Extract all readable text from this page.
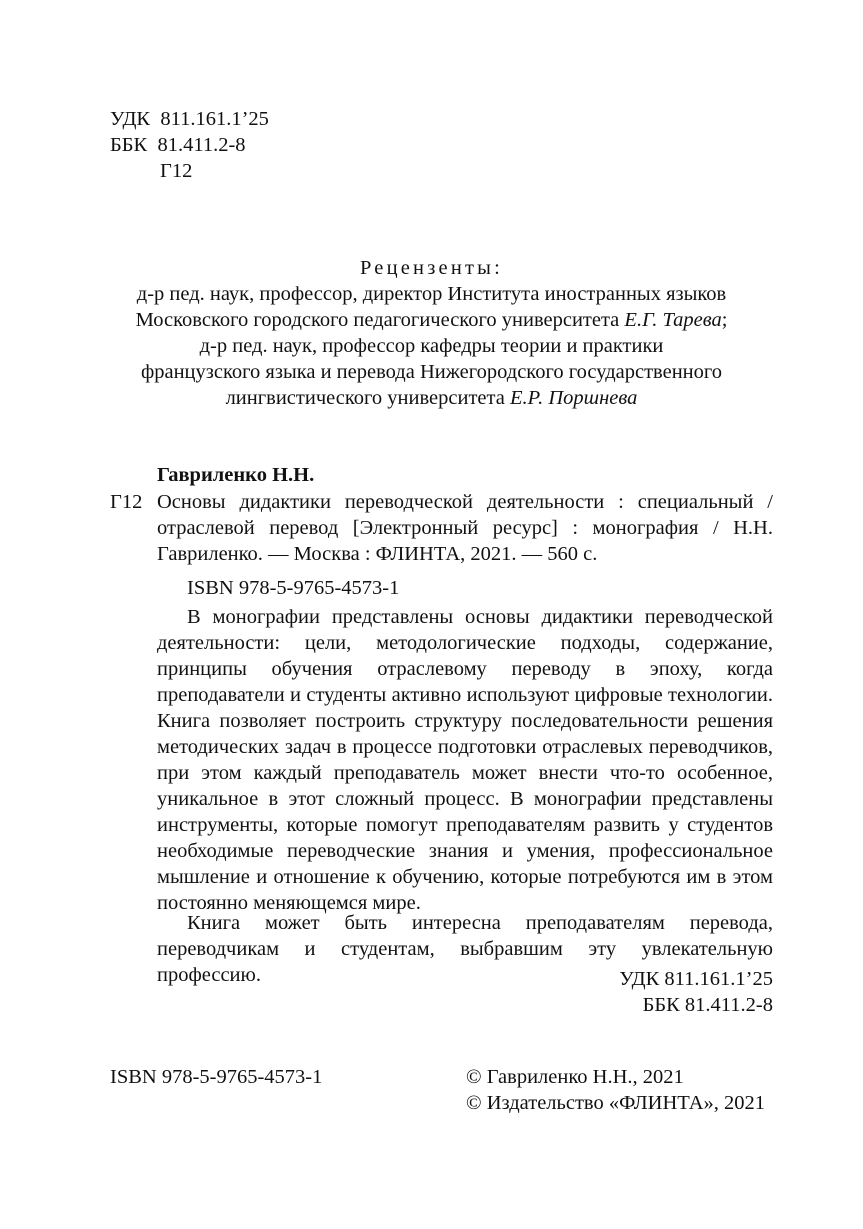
УДК 811.161.1’25
ББК 81.411.2-8
Г12
Рецензенты:
д-р пед. наук, профессор, директор Института иностранных языков
Московского городского педагогического университета Е.Г. Тарева;
д-р пед. наук, профессор кафедры теории и практики
французского языка и перевода Нижегородского государственного
лингвистического университета Е.Р. Поршнева
Гавриленко Н.Н.
Г12 Основы дидактики переводческой деятельности : специальный / отраслевой перевод [Электронный ресурс] : монография / Н.Н. Гавриленко. — Москва : ФЛИНТА, 2021. — 560 с.
ISBN 978-5-9765-4573-1
В монографии представлены основы дидактики переводческой деятельности: цели, методологические подходы, содержание, принципы обучения отраслевому переводу в эпоху, когда преподаватели и студенты активно используют цифровые технологии. Книга позволяет построить структуру последовательности решения методических задач в процессе подготовки отраслевых переводчиков, при этом каждый преподаватель может внести что-то особенное, уникальное в этот сложный процесс. В монографии представлены инструменты, которые помогут преподавателям развить у студентов необходимые переводческие знания и умения, профессиональное мышление и отношение к обучению, которые потребуются им в этом постоянно меняющемся мире.
Книга может быть интересна преподавателям перевода, переводчикам и студентам, выбравшим эту увлекательную профессию.	УДК 811.161.1’25
ББК 81.411.2-8
ISBN 978-5-9765-4573-1	© Гавриленко Н.Н., 2021
© Издательство «ФЛИНТА», 2021
